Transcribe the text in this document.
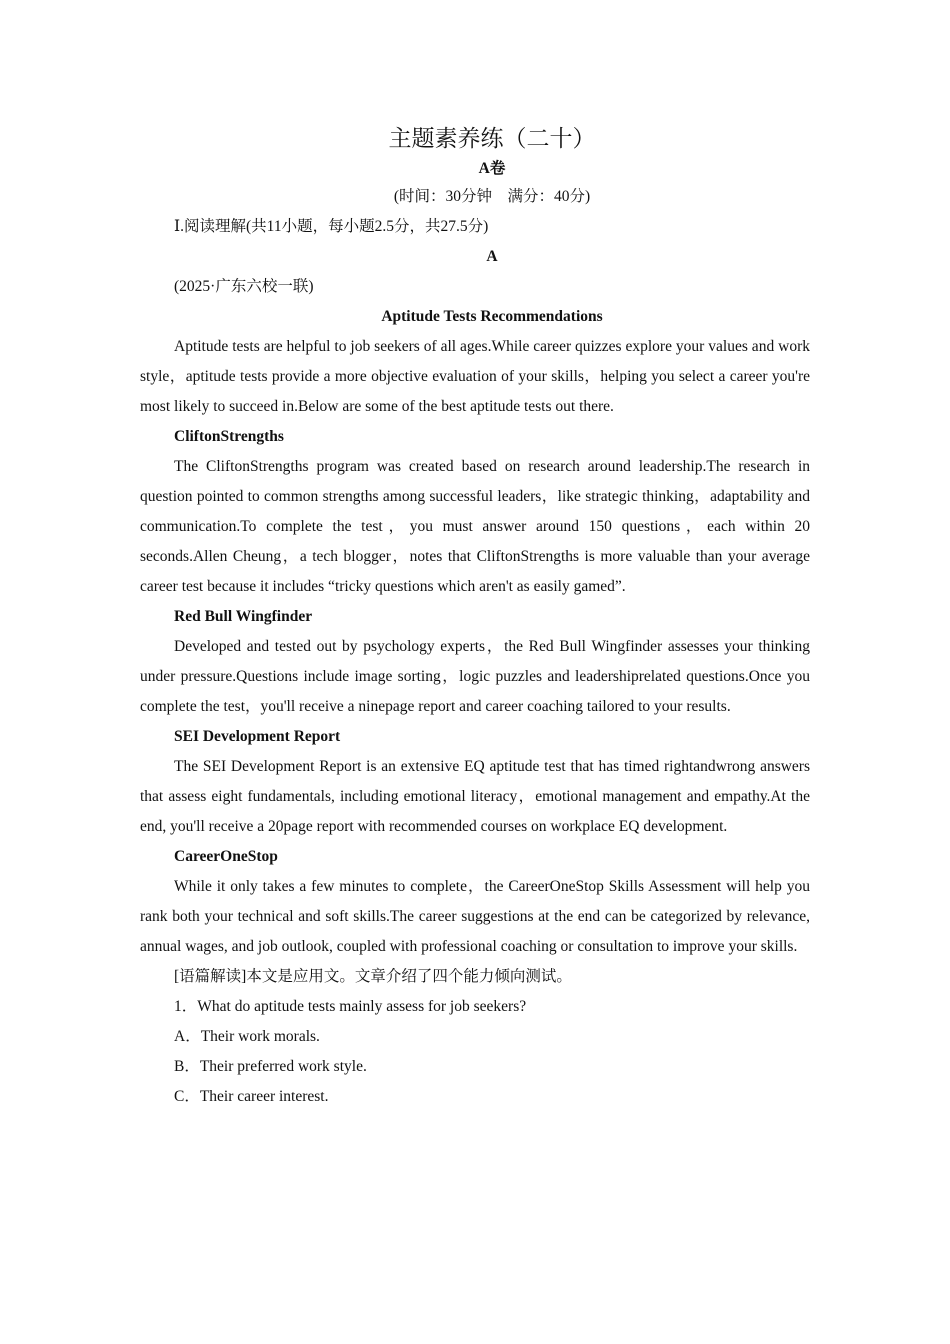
主题素养练（二十）
A卷
(时间：30分钟　满分：40分)
Ⅰ.阅读理解(共11小题，每小题2.5分，共27.5分)
A
(2025·广东六校一联)
Aptitude Tests Recommendations

Aptitude tests are helpful to job seekers of all ages.While career quizzes explore your values and work style，aptitude tests provide a more objective evaluation of your skills，helping you select a career you're most likely to succeed in.Below are some of the best aptitude tests out there.

CliftonStrengths

The CliftonStrengths program was created based on research around leadership.The research in question pointed to common strengths among successful leaders，like strategic thinking，adaptability and communication.To complete the test，you must answer around 150 questions，each within 20 seconds.Allen Cheung，a tech blogger，notes that CliftonStrengths is more valuable than your average career test because it includes “tricky questions which aren't as easily gamed”.

Red Bull Wingfinder

Developed and tested out by psychology experts，the Red Bull Wingfinder assesses your thinking under pressure.Questions include image sorting，logic puzzles and leadershiprelated questions.Once you complete the test，you'll receive a ninepage report and career coaching tailored to your results.

SEI Development Report

The SEI Development Report is an extensive EQ aptitude test that has timed rightandwrong answers that assess eight fundamentals, including emotional literacy，emotional management and empathy.At the end, you'll receive a 20page report with recommended courses on workplace EQ development.

CareerOneStop

While it only takes a few minutes to complete，the CareerOneStop Skills Assessment will help you rank both your technical and soft skills.The career suggestions at the end can be categorized by relevance, annual wages, and job outlook, coupled with professional coaching or consultation to improve your skills.

[语篇解读]本文是应用文。文章介绍了四个能力倾向测试。
1．What do aptitude tests mainly assess for job seekers?
A．Their work morals.
B．Their preferred work style.
C．Their career interest.
